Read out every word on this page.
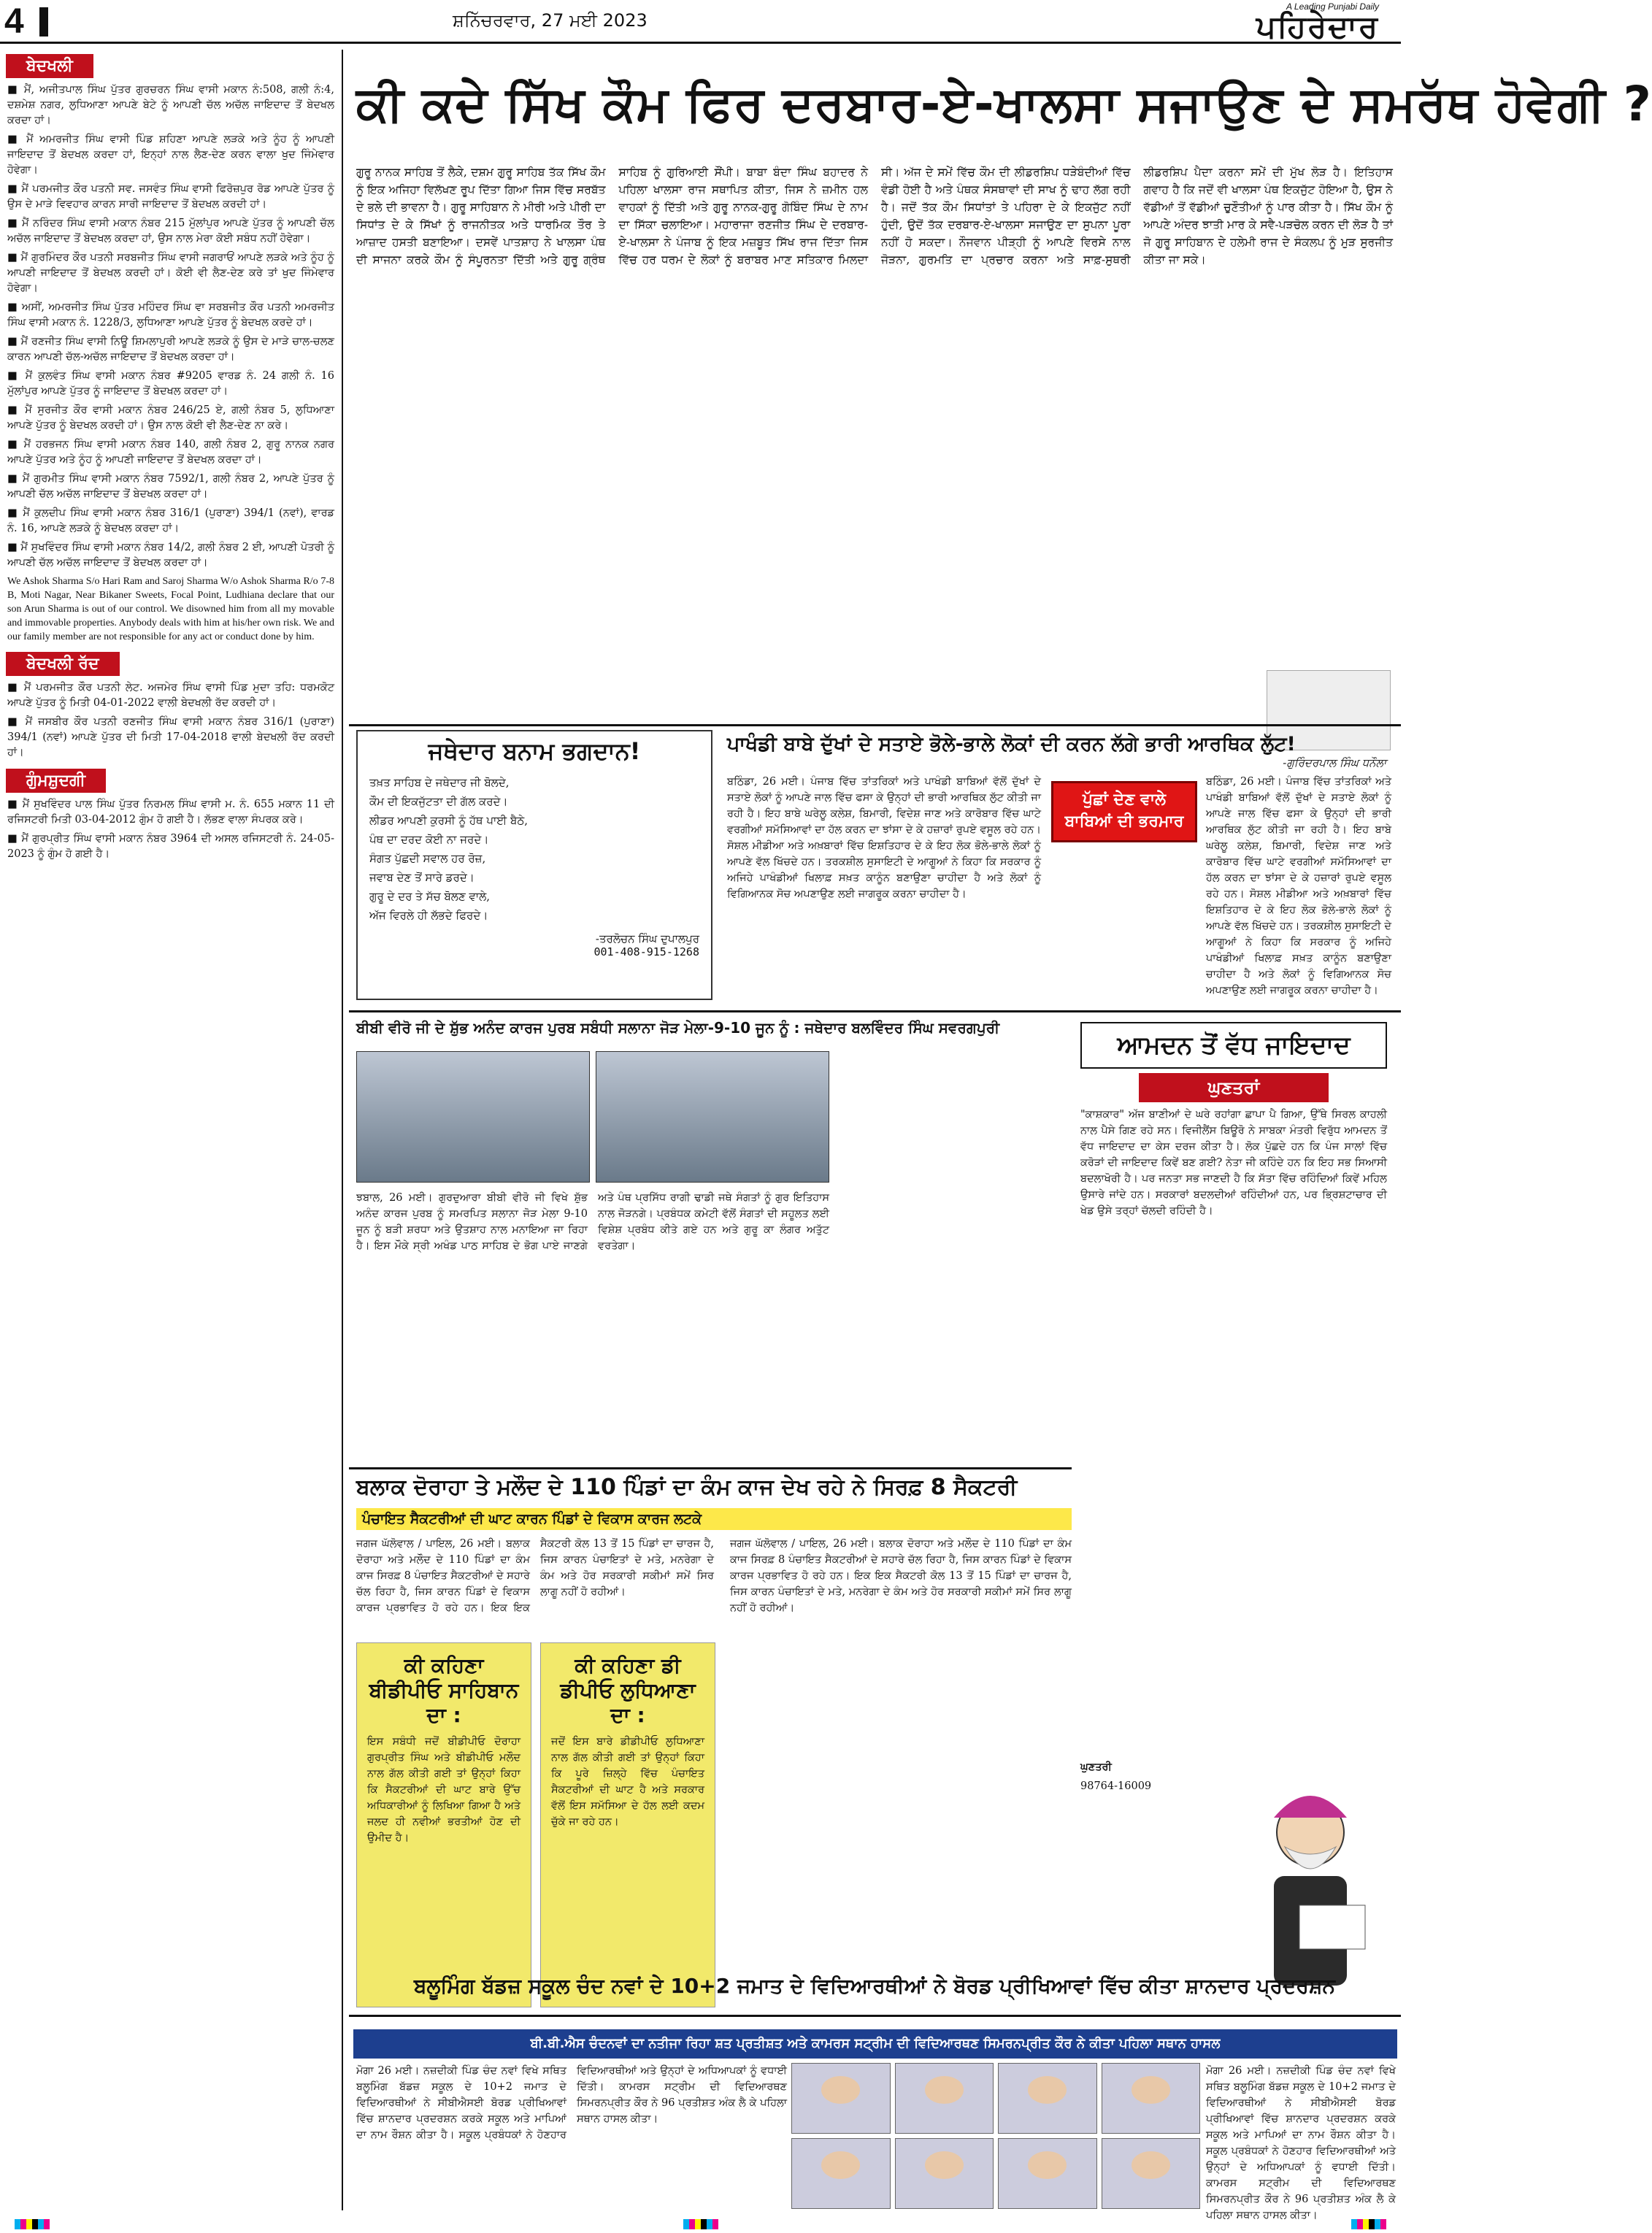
4	ਸ਼ਨਿੱਚਰਵਾਰ, 27 ਮਈ 2023
A Leading Punjabi Daily
ਪਹਿਰੇਦਾਰ
ਬੇਦਖਲੀ

■ ਮੈਂ, ਅਜੀਤਪਾਲ ਸਿੰਘ ਪੁੱਤਰ ਗੁਰਚਰਨ ਸਿੰਘ ਵਾਸੀ ਮਕਾਨ ਨੰ:508, ਗਲੀ ਨੰ:4, ਦਸ਼ਮੇਸ਼ ਨਗਰ, ਲੁਧਿਆਣਾ ਆਪਣੇ ਬੇਟੇ ਨੂੰ ਆਪਣੀ ਚੱਲ ਅਚੱਲ ਜਾਇਦਾਦ ਤੋਂ ਬੇਦਖਲ ਕਰਦਾ ਹਾਂ।

■ ਮੈਂ ਅਮਰਜੀਤ ਸਿੰਘ ਵਾਸੀ ਪਿੰਡ ਸ਼ਹਿਣਾ ਆਪਣੇ ਲੜਕੇ ਅਤੇ ਨੂੰਹ ਨੂੰ ਆਪਣੀ ਜਾਇਦਾਦ ਤੋਂ ਬੇਦਖਲ ਕਰਦਾ ਹਾਂ, ਇਨ੍ਹਾਂ ਨਾਲ ਲੈਣ-ਦੇਣ ਕਰਨ ਵਾਲਾ ਖੁਦ ਜਿੰਮੇਵਾਰ ਹੋਵੇਗਾ।

■ ਮੈਂ ਪਰਮਜੀਤ ਕੌਰ ਪਤਨੀ ਸਵ. ਜਸਵੰਤ ਸਿੰਘ ਵਾਸੀ ਫਿਰੋਜ਼ਪੁਰ ਰੋਡ ਆਪਣੇ ਪੁੱਤਰ ਨੂੰ ਉਸ ਦੇ ਮਾੜੇ ਵਿਵਹਾਰ ਕਾਰਨ ਸਾਰੀ ਜਾਇਦਾਦ ਤੋਂ ਬੇਦਖਲ ਕਰਦੀ ਹਾਂ।

■ ਮੈਂ ਨਰਿੰਦਰ ਸਿੰਘ ਵਾਸੀ ਮਕਾਨ ਨੰਬਰ 215 ਮੁੱਲਾਂਪੁਰ ਆਪਣੇ ਪੁੱਤਰ ਨੂੰ ਆਪਣੀ ਚੱਲ ਅਚੱਲ ਜਾਇਦਾਦ ਤੋਂ ਬੇਦਖਲ ਕਰਦਾ ਹਾਂ, ਉਸ ਨਾਲ ਮੇਰਾ ਕੋਈ ਸਬੰਧ ਨਹੀਂ ਹੋਵੇਗਾ।

■ ਮੈਂ ਗੁਰਮਿੰਦਰ ਕੌਰ ਪਤਨੀ ਸਰਬਜੀਤ ਸਿੰਘ ਵਾਸੀ ਜਗਰਾਓਂ ਆਪਣੇ ਲੜਕੇ ਅਤੇ ਨੂੰਹ ਨੂੰ ਆਪਣੀ ਜਾਇਦਾਦ ਤੋਂ ਬੇਦਖਲ ਕਰਦੀ ਹਾਂ। ਕੋਈ ਵੀ ਲੈਣ-ਦੇਣ ਕਰੇ ਤਾਂ ਖੁਦ ਜਿੰਮੇਵਾਰ ਹੋਵੇਗਾ।

■ ਅਸੀਂ, ਅਮਰਜੀਤ ਸਿੰਘ ਪੁੱਤਰ ਮਹਿੰਦਰ ਸਿੰਘ ਵਾ ਸਰਬਜੀਤ ਕੌਰ ਪਤਨੀ ਅਮਰਜੀਤ ਸਿੰਘ ਵਾਸੀ ਮਕਾਨ ਨੰ. 1228/3, ਲੁਧਿਆਣਾ ਆਪਣੇ ਪੁੱਤਰ ਨੂੰ ਬੇਦਖਲ ਕਰਦੇ ਹਾਂ।

■ ਮੈਂ ਰਣਜੀਤ ਸਿੰਘ ਵਾਸੀ ਨਿਊ ਸ਼ਿਮਲਾਪੁਰੀ ਆਪਣੇ ਲੜਕੇ ਨੂੰ ਉਸ ਦੇ ਮਾੜੇ ਚਾਲ-ਚਲਣ ਕਾਰਨ ਆਪਣੀ ਚੱਲ-ਅਚੱਲ ਜਾਇਦਾਦ ਤੋਂ ਬੇਦਖਲ ਕਰਦਾ ਹਾਂ।

■ ਮੈਂ ਕੁਲਵੰਤ ਸਿੰਘ ਵਾਸੀ ਮਕਾਨ ਨੰਬਰ #9205 ਵਾਰਡ ਨੰ. 24 ਗਲੀ ਨੰ. 16 ਮੁੱਲਾਂਪੁਰ ਆਪਣੇ ਪੁੱਤਰ ਨੂੰ ਜਾਇਦਾਦ ਤੋਂ ਬੇਦਖਲ ਕਰਦਾ ਹਾਂ।

■ ਮੈਂ ਸੁਰਜੀਤ ਕੌਰ ਵਾਸੀ ਮਕਾਨ ਨੰਬਰ 246/25 ਏ, ਗਲੀ ਨੰਬਰ 5, ਲੁਧਿਆਣਾ ਆਪਣੇ ਪੁੱਤਰ ਨੂੰ ਬੇਦਖਲ ਕਰਦੀ ਹਾਂ। ਉਸ ਨਾਲ ਕੋਈ ਵੀ ਲੈਣ-ਦੇਣ ਨਾ ਕਰੇ।

■ ਮੈਂ ਹਰਭਜਨ ਸਿੰਘ ਵਾਸੀ ਮਕਾਨ ਨੰਬਰ 140, ਗਲੀ ਨੰਬਰ 2, ਗੁਰੂ ਨਾਨਕ ਨਗਰ ਆਪਣੇ ਪੁੱਤਰ ਅਤੇ ਨੂੰਹ ਨੂੰ ਆਪਣੀ ਜਾਇਦਾਦ ਤੋਂ ਬੇਦਖਲ ਕਰਦਾ ਹਾਂ।

■ ਮੈਂ ਗੁਰਮੀਤ ਸਿੰਘ ਵਾਸੀ ਮਕਾਨ ਨੰਬਰ 7592/1, ਗਲੀ ਨੰਬਰ 2, ਆਪਣੇ ਪੁੱਤਰ ਨੂੰ ਆਪਣੀ ਚੱਲ ਅਚੱਲ ਜਾਇਦਾਦ ਤੋਂ ਬੇਦਖਲ ਕਰਦਾ ਹਾਂ।

■ ਮੈਂ ਕੁਲਦੀਪ ਸਿੰਘ ਵਾਸੀ ਮਕਾਨ ਨੰਬਰ 316/1 (ਪੁਰਾਣਾ) 394/1 (ਨਵਾਂ), ਵਾਰਡ ਨੰ. 16, ਆਪਣੇ ਲੜਕੇ ਨੂੰ ਬੇਦਖਲ ਕਰਦਾ ਹਾਂ।

■ ਮੈਂ ਸੁਖਵਿੰਦਰ ਸਿੰਘ ਵਾਸੀ ਮਕਾਨ ਨੰਬਰ 14/2, ਗਲੀ ਨੰਬਰ 2 ਈ, ਆਪਣੀ ਪੋਤਰੀ ਨੂੰ ਆਪਣੀ ਚੱਲ ਅਚੱਲ ਜਾਇਦਾਦ ਤੋਂ ਬੇਦਖਲ ਕਰਦਾ ਹਾਂ।

We Ashok Sharma S/o Hari Ram and Saroj Sharma W/o Ashok Sharma R/o 7-8 B, Moti Nagar, Near Bikaner Sweets, Focal Point, Ludhiana declare that our son Arun Sharma is out of our control. We disowned him from all my movable and immovable properties. Anybody deals with him at his/her own risk. We and our family member are not responsible for any act or conduct done by him.

ਬੇਦਖਲੀ ਰੱਦ

■ ਮੈਂ ਪਰਮਜੀਤ ਕੌਰ ਪਤਨੀ ਲੇਟ. ਅਜਮੇਰ ਸਿੰਘ ਵਾਸੀ ਪਿੰਡ ਮੁਦਾ ਤਹਿ: ਧਰਮਕੋਟ ਆਪਣੇ ਪੁੱਤਰ ਨੂੰ ਮਿਤੀ 04-01-2022 ਵਾਲੀ ਬੇਦਖਲੀ ਰੱਦ ਕਰਦੀ ਹਾਂ।

■ ਮੈਂ ਜਸਬੀਰ ਕੌਰ ਪਤਨੀ ਰਣਜੀਤ ਸਿੰਘ ਵਾਸੀ ਮਕਾਨ ਨੰਬਰ 316/1 (ਪੁਰਾਣਾ) 394/1 (ਨਵਾਂ) ਆਪਣੇ ਪੁੱਤਰ ਦੀ ਮਿਤੀ 17-04-2018 ਵਾਲੀ ਬੇਦਖਲੀ ਰੱਦ ਕਰਦੀ ਹਾਂ।

ਗੁੰਮਸ਼ੁਦਗੀ

■ ਮੈਂ ਸੁਖਵਿੰਦਰ ਪਾਲ ਸਿੰਘ ਪੁੱਤਰ ਨਿਰਮਲ ਸਿੰਘ ਵਾਸੀ ਮ. ਨੰ. 655 ਮਕਾਨ 11 ਦੀ ਰਜਿਸਟਰੀ ਮਿਤੀ 03-04-2012 ਗੁੰਮ ਹੋ ਗਈ ਹੈ। ਲੱਭਣ ਵਾਲਾ ਸੰਪਰਕ ਕਰੇ।

■ ਮੈਂ ਗੁਰਪ੍ਰੀਤ ਸਿੰਘ ਵਾਸੀ ਮਕਾਨ ਨੰਬਰ 3964 ਦੀ ਅਸਲ ਰਜਿਸਟਰੀ ਨੰ. 24-05-2023 ਨੂੰ ਗੁੰਮ ਹੋ ਗਈ ਹੈ।

ਕੀ ਕਦੇ ਸਿੱਖ ਕੌਮ ਫਿਰ ਦਰਬਾਰ-ਏ-ਖਾਲਸਾ ਸਜਾਉਣ ਦੇ ਸਮਰੱਥ ਹੋਵੇਗੀ ?
ਗੁਰੂ ਨਾਨਕ ਸਾਹਿਬ ਤੋਂ ਲੈਕੇ, ਦਸ਼ਮ ਗੁਰੂ ਸਾਹਿਬ ਤੱਕ ਸਿੱਖ ਕੌਮ ਨੂੰ ਇਕ ਅਜਿਹਾ ਵਿਲੱਖਣ ਰੂਪ ਦਿੱਤਾ ਗਿਆ ਜਿਸ ਵਿੱਚ ਸਰਬੱਤ ਦੇ ਭਲੇ ਦੀ ਭਾਵਨਾ ਹੈ। ਗੁਰੂ ਸਾਹਿਬਾਨ ਨੇ ਮੀਰੀ ਅਤੇ ਪੀਰੀ ਦਾ ਸਿਧਾਂਤ ਦੇ ਕੇ ਸਿੱਖਾਂ ਨੂੰ ਰਾਜਨੀਤਕ ਅਤੇ ਧਾਰਮਿਕ ਤੌਰ ਤੇ ਆਜ਼ਾਦ ਹਸਤੀ ਬਣਾਇਆ। ਦਸਵੇਂ ਪਾਤਸ਼ਾਹ ਨੇ ਖਾਲਸਾ ਪੰਥ ਦੀ ਸਾਜਨਾ ਕਰਕੇ ਕੌਮ ਨੂੰ ਸੰਪੂਰਨਤਾ ਦਿੱਤੀ ਅਤੇ ਗੁਰੂ ਗ੍ਰੰਥ ਸਾਹਿਬ ਨੂੰ ਗੁਰਿਆਈ ਸੌਂਪੀ। ਬਾਬਾ ਬੰਦਾ ਸਿੰਘ ਬਹਾਦਰ ਨੇ ਪਹਿਲਾ ਖਾਲਸਾ ਰਾਜ ਸਥਾਪਿਤ ਕੀਤਾ, ਜਿਸ ਨੇ ਜ਼ਮੀਨ ਹਲ ਵਾਹਕਾਂ ਨੂੰ ਦਿੱਤੀ ਅਤੇ ਗੁਰੂ ਨਾਨਕ-ਗੁਰੂ ਗੋਬਿੰਦ ਸਿੰਘ ਦੇ ਨਾਮ ਦਾ ਸਿੱਕਾ ਚਲਾਇਆ। ਮਹਾਰਾਜਾ ਰਣਜੀਤ ਸਿੰਘ ਦੇ ਦਰਬਾਰ-ਏ-ਖਾਲਸਾ ਨੇ ਪੰਜਾਬ ਨੂੰ ਇਕ ਮਜ਼ਬੂਤ ਸਿੱਖ ਰਾਜ ਦਿੱਤਾ ਜਿਸ ਵਿੱਚ ਹਰ ਧਰਮ ਦੇ ਲੋਕਾਂ ਨੂੰ ਬਰਾਬਰ ਮਾਣ ਸਤਿਕਾਰ ਮਿਲਦਾ ਸੀ। ਅੱਜ ਦੇ ਸਮੇਂ ਵਿੱਚ ਕੌਮ ਦੀ ਲੀਡਰਸ਼ਿਪ ਧੜੇਬੰਦੀਆਂ ਵਿੱਚ ਵੰਡੀ ਹੋਈ ਹੈ ਅਤੇ ਪੰਥਕ ਸੰਸਥਾਵਾਂ ਦੀ ਸਾਖ ਨੂੰ ਢਾਹ ਲੱਗ ਰਹੀ ਹੈ। ਜਦੋਂ ਤੱਕ ਕੌਮ ਸਿਧਾਂਤਾਂ ਤੇ ਪਹਿਰਾ ਦੇ ਕੇ ਇਕਜੁੱਟ ਨਹੀਂ ਹੁੰਦੀ, ਉਦੋਂ ਤੱਕ ਦਰਬਾਰ-ਏ-ਖਾਲਸਾ ਸਜਾਉਣ ਦਾ ਸੁਪਨਾ ਪੂਰਾ ਨਹੀਂ ਹੋ ਸਕਦਾ। ਨੌਜਵਾਨ ਪੀੜ੍ਹੀ ਨੂੰ ਆਪਣੇ ਵਿਰਸੇ ਨਾਲ ਜੋੜਨਾ, ਗੁਰਮਤਿ ਦਾ ਪ੍ਰਚਾਰ ਕਰਨਾ ਅਤੇ ਸਾਫ਼-ਸੁਥਰੀ ਲੀਡਰਸ਼ਿਪ ਪੈਦਾ ਕਰਨਾ ਸਮੇਂ ਦੀ ਮੁੱਖ ਲੋੜ ਹੈ। ਇਤਿਹਾਸ ਗਵਾਹ ਹੈ ਕਿ ਜਦੋਂ ਵੀ ਖਾਲਸਾ ਪੰਥ ਇਕਜੁੱਟ ਹੋਇਆ ਹੈ, ਉਸ ਨੇ ਵੱਡੀਆਂ ਤੋਂ ਵੱਡੀਆਂ ਚੁਣੌਤੀਆਂ ਨੂੰ ਪਾਰ ਕੀਤਾ ਹੈ। ਸਿੱਖ ਕੌਮ ਨੂੰ ਆਪਣੇ ਅੰਦਰ ਝਾਤੀ ਮਾਰ ਕੇ ਸਵੈ-ਪੜਚੋਲ ਕਰਨ ਦੀ ਲੋੜ ਹੈ ਤਾਂ ਜੋ ਗੁਰੂ ਸਾਹਿਬਾਨ ਦੇ ਹਲੇਮੀ ਰਾਜ ਦੇ ਸੰਕਲਪ ਨੂੰ ਮੁੜ ਸੁਰਜੀਤ ਕੀਤਾ ਜਾ ਸਕੇ।
-ਗੁਰਿੰਦਰਪਾਲ ਸਿੰਘ ਧਨੌਲਾ
ਜਥੇਦਾਰ ਬਨਾਮ ਭਗਦਾਨ!
ਤਖ਼ਤ ਸਾਹਿਬ ਦੇ ਜਥੇਦਾਰ ਜੀ ਬੋਲਦੇ,
ਕੌਮ ਦੀ ਇਕਜੁੱਟਤਾ ਦੀ ਗੱਲ ਕਰਦੇ।
ਲੀਡਰ ਆਪਣੀ ਕੁਰਸੀ ਨੂੰ ਹੱਥ ਪਾਈ ਬੈਠੇ,
ਪੰਥ ਦਾ ਦਰਦ ਕੋਈ ਨਾ ਜਰਦੇ।
ਸੰਗਤ ਪੁੱਛਦੀ ਸਵਾਲ ਹਰ ਰੋਜ਼,
ਜਵਾਬ ਦੇਣ ਤੋਂ ਸਾਰੇ ਡਰਦੇ।
ਗੁਰੂ ਦੇ ਦਰ ਤੇ ਸੱਚ ਬੋਲਣ ਵਾਲੇ,
ਅੱਜ ਵਿਰਲੇ ਹੀ ਲੱਭਦੇ ਫਿਰਦੇ।
-ਤਰਲੋਚਨ ਸਿੰਘ ਦੁਪਾਲਪੁਰ
001-408-915-1268
ਪਾਖੰਡੀ ਬਾਬੇ ਦੁੱਖਾਂ ਦੇ ਸਤਾਏ ਭੋਲੇ-ਭਾਲੇ ਲੋਕਾਂ ਦੀ ਕਰਨ ਲੱਗੇ ਭਾਰੀ ਆਰਥਿਕ ਲੁੱਟ!
ਪੁੱਛਾਂ ਦੇਣ ਵਾਲੇ ਬਾਬਿਆਂ ਦੀ ਭਰਮਾਰ
ਬਠਿੰਡਾ, 26 ਮਈ। ਪੰਜਾਬ ਵਿੱਚ ਤਾਂਤਰਿਕਾਂ ਅਤੇ ਪਾਖੰਡੀ ਬਾਬਿਆਂ ਵੱਲੋਂ ਦੁੱਖਾਂ ਦੇ ਸਤਾਏ ਲੋਕਾਂ ਨੂੰ ਆਪਣੇ ਜਾਲ ਵਿੱਚ ਫਸਾ ਕੇ ਉਨ੍ਹਾਂ ਦੀ ਭਾਰੀ ਆਰਥਿਕ ਲੁੱਟ ਕੀਤੀ ਜਾ ਰਹੀ ਹੈ। ਇਹ ਬਾਬੇ ਘਰੇਲੂ ਕਲੇਸ਼, ਬਿਮਾਰੀ, ਵਿਦੇਸ਼ ਜਾਣ ਅਤੇ ਕਾਰੋਬਾਰ ਵਿੱਚ ਘਾਟੇ ਵਰਗੀਆਂ ਸਮੱਸਿਆਵਾਂ ਦਾ ਹੱਲ ਕਰਨ ਦਾ ਝਾਂਸਾ ਦੇ ਕੇ ਹਜ਼ਾਰਾਂ ਰੁਪਏ ਵਸੂਲ ਰਹੇ ਹਨ। ਸੋਸ਼ਲ ਮੀਡੀਆ ਅਤੇ ਅਖ਼ਬਾਰਾਂ ਵਿੱਚ ਇਸ਼ਤਿਹਾਰ ਦੇ ਕੇ ਇਹ ਲੋਕ ਭੋਲੇ-ਭਾਲੇ ਲੋਕਾਂ ਨੂੰ ਆਪਣੇ ਵੱਲ ਖਿੱਚਦੇ ਹਨ। ਤਰਕਸ਼ੀਲ ਸੁਸਾਇਟੀ ਦੇ ਆਗੂਆਂ ਨੇ ਕਿਹਾ ਕਿ ਸਰਕਾਰ ਨੂੰ ਅਜਿਹੇ ਪਾਖੰਡੀਆਂ ਖਿਲਾਫ਼ ਸਖ਼ਤ ਕਾਨੂੰਨ ਬਣਾਉਣਾ ਚਾਹੀਦਾ ਹੈ ਅਤੇ ਲੋਕਾਂ ਨੂੰ ਵਿਗਿਆਨਕ ਸੋਚ ਅਪਣਾਉਣ ਲਈ ਜਾਗਰੂਕ ਕਰਨਾ ਚਾਹੀਦਾ ਹੈ।
ਬਠਿੰਡਾ, 26 ਮਈ। ਪੰਜਾਬ ਵਿੱਚ ਤਾਂਤਰਿਕਾਂ ਅਤੇ ਪਾਖੰਡੀ ਬਾਬਿਆਂ ਵੱਲੋਂ ਦੁੱਖਾਂ ਦੇ ਸਤਾਏ ਲੋਕਾਂ ਨੂੰ ਆਪਣੇ ਜਾਲ ਵਿੱਚ ਫਸਾ ਕੇ ਉਨ੍ਹਾਂ ਦੀ ਭਾਰੀ ਆਰਥਿਕ ਲੁੱਟ ਕੀਤੀ ਜਾ ਰਹੀ ਹੈ। ਇਹ ਬਾਬੇ ਘਰੇਲੂ ਕਲੇਸ਼, ਬਿਮਾਰੀ, ਵਿਦੇਸ਼ ਜਾਣ ਅਤੇ ਕਾਰੋਬਾਰ ਵਿੱਚ ਘਾਟੇ ਵਰਗੀਆਂ ਸਮੱਸਿਆਵਾਂ ਦਾ ਹੱਲ ਕਰਨ ਦਾ ਝਾਂਸਾ ਦੇ ਕੇ ਹਜ਼ਾਰਾਂ ਰੁਪਏ ਵਸੂਲ ਰਹੇ ਹਨ। ਸੋਸ਼ਲ ਮੀਡੀਆ ਅਤੇ ਅਖ਼ਬਾਰਾਂ ਵਿੱਚ ਇਸ਼ਤਿਹਾਰ ਦੇ ਕੇ ਇਹ ਲੋਕ ਭੋਲੇ-ਭਾਲੇ ਲੋਕਾਂ ਨੂੰ ਆਪਣੇ ਵੱਲ ਖਿੱਚਦੇ ਹਨ। ਤਰਕਸ਼ੀਲ ਸੁਸਾਇਟੀ ਦੇ ਆਗੂਆਂ ਨੇ ਕਿਹਾ ਕਿ ਸਰਕਾਰ ਨੂੰ ਅਜਿਹੇ ਪਾਖੰਡੀਆਂ ਖਿਲਾਫ਼ ਸਖ਼ਤ ਕਾਨੂੰਨ ਬਣਾਉਣਾ ਚਾਹੀਦਾ ਹੈ ਅਤੇ ਲੋਕਾਂ ਨੂੰ ਵਿਗਿਆਨਕ ਸੋਚ ਅਪਣਾਉਣ ਲਈ ਜਾਗਰੂਕ ਕਰਨਾ ਚਾਹੀਦਾ ਹੈ।
ਬੀਬੀ ਵੀਰੋ ਜੀ ਦੇ ਸ਼ੁੱਭ ਅਨੰਦ ਕਾਰਜ ਪੁਰਬ ਸਬੰਧੀ ਸਲਾਨਾ ਜੋੜ ਮੇਲਾ-9-10 ਜੂਨ ਨੂੰ : ਜਥੇਦਾਰ ਬਲਵਿੰਦਰ ਸਿੰਘ ਸਵਰਗਪੁਰੀ
ਝਬਾਲ, 26 ਮਈ। ਗੁਰਦੁਆਰਾ ਬੀਬੀ ਵੀਰੋ ਜੀ ਵਿਖੇ ਸ਼ੁੱਭ ਅਨੰਦ ਕਾਰਜ ਪੁਰਬ ਨੂੰ ਸਮਰਪਿਤ ਸਲਾਨਾ ਜੋੜ ਮੇਲਾ 9-10 ਜੂਨ ਨੂੰ ਬੜੀ ਸ਼ਰਧਾ ਅਤੇ ਉਤਸ਼ਾਹ ਨਾਲ ਮਨਾਇਆ ਜਾ ਰਿਹਾ ਹੈ। ਇਸ ਮੌਕੇ ਸ੍ਰੀ ਅਖੰਡ ਪਾਠ ਸਾਹਿਬ ਦੇ ਭੋਗ ਪਾਏ ਜਾਣਗੇ ਅਤੇ ਪੰਥ ਪ੍ਰਸਿੱਧ ਰਾਗੀ ਢਾਡੀ ਜਥੇ ਸੰਗਤਾਂ ਨੂੰ ਗੁਰ ਇਤਿਹਾਸ ਨਾਲ ਜੋੜਨਗੇ। ਪ੍ਰਬੰਧਕ ਕਮੇਟੀ ਵੱਲੋਂ ਸੰਗਤਾਂ ਦੀ ਸਹੂਲਤ ਲਈ ਵਿਸ਼ੇਸ਼ ਪ੍ਰਬੰਧ ਕੀਤੇ ਗਏ ਹਨ ਅਤੇ ਗੁਰੂ ਕਾ ਲੰਗਰ ਅਤੁੱਟ ਵਰਤੇਗਾ।
ਆਮਦਨ ਤੋਂ ਵੱਧ ਜਾਇਦਾਦ
ਘੁਣਤਰਾਂ
"ਕਾਸ਼ਕਾਰ" ਅੱਜ ਬਾਣੀਆਂ ਦੇ ਘਰੇ ਰਹਾਂਗਾ ਛਾਪਾ ਪੈ ਗਿਆ, ਉੱਥੇ ਸਿਰਲ ਕਾਹਲੀ ਨਾਲ ਪੈਸੇ ਗਿਣ ਰਹੇ ਸਨ। ਵਿਜੀਲੈਂਸ ਬਿਊਰੋ ਨੇ ਸਾਬਕਾ ਮੰਤਰੀ ਵਿਰੁੱਧ ਆਮਦਨ ਤੋਂ ਵੱਧ ਜਾਇਦਾਦ ਦਾ ਕੇਸ ਦਰਜ ਕੀਤਾ ਹੈ। ਲੋਕ ਪੁੱਛਦੇ ਹਨ ਕਿ ਪੰਜ ਸਾਲਾਂ ਵਿੱਚ ਕਰੋੜਾਂ ਦੀ ਜਾਇਦਾਦ ਕਿਵੇਂ ਬਣ ਗਈ? ਨੇਤਾ ਜੀ ਕਹਿੰਦੇ ਹਨ ਕਿ ਇਹ ਸਭ ਸਿਆਸੀ ਬਦਲਾਖੋਰੀ ਹੈ। ਪਰ ਜਨਤਾ ਸਭ ਜਾਣਦੀ ਹੈ ਕਿ ਸੱਤਾ ਵਿੱਚ ਰਹਿੰਦਿਆਂ ਕਿਵੇਂ ਮਹਿਲ ਉਸਾਰੇ ਜਾਂਦੇ ਹਨ। ਸਰਕਾਰਾਂ ਬਦਲਦੀਆਂ ਰਹਿੰਦੀਆਂ ਹਨ, ਪਰ ਭ੍ਰਿਸ਼ਟਾਚਾਰ ਦੀ ਖੇਡ ਉਸੇ ਤਰ੍ਹਾਂ ਚੱਲਦੀ ਰਹਿੰਦੀ ਹੈ।
ਘੁਣਤਰੀ
98764-16009
ਬਲਾਕ ਦੋਰਾਹਾ ਤੇ ਮਲੌਦ ਦੇ 110 ਪਿੰਡਾਂ ਦਾ ਕੰਮ ਕਾਜ ਦੇਖ ਰਹੇ ਨੇ ਸਿਰਫ਼ 8 ਸੈਕਟਰੀ
ਪੰਚਾਇਤ ਸੈਕਟਰੀਆਂ ਦੀ ਘਾਟ ਕਾਰਨ ਪਿੰਡਾਂ ਦੇ ਵਿਕਾਸ ਕਾਰਜ ਲਟਕੇ
ਜਗਜ ਘੱਲੋਵਾਲ / ਪਾਇਲ, 26 ਮਈ। ਬਲਾਕ ਦੋਰਾਹਾ ਅਤੇ ਮਲੌਦ ਦੇ 110 ਪਿੰਡਾਂ ਦਾ ਕੰਮ ਕਾਜ ਸਿਰਫ਼ 8 ਪੰਚਾਇਤ ਸੈਕਟਰੀਆਂ ਦੇ ਸਹਾਰੇ ਚੱਲ ਰਿਹਾ ਹੈ, ਜਿਸ ਕਾਰਨ ਪਿੰਡਾਂ ਦੇ ਵਿਕਾਸ ਕਾਰਜ ਪ੍ਰਭਾਵਿਤ ਹੋ ਰਹੇ ਹਨ। ਇਕ ਇਕ ਸੈਕਟਰੀ ਕੋਲ 13 ਤੋਂ 15 ਪਿੰਡਾਂ ਦਾ ਚਾਰਜ ਹੈ, ਜਿਸ ਕਾਰਨ ਪੰਚਾਇਤਾਂ ਦੇ ਮਤੇ, ਮਨਰੇਗਾ ਦੇ ਕੰਮ ਅਤੇ ਹੋਰ ਸਰਕਾਰੀ ਸਕੀਮਾਂ ਸਮੇਂ ਸਿਰ ਲਾਗੂ ਨਹੀਂ ਹੋ ਰਹੀਆਂ।
ਜਗਜ ਘੱਲੋਵਾਲ / ਪਾਇਲ, 26 ਮਈ। ਬਲਾਕ ਦੋਰਾਹਾ ਅਤੇ ਮਲੌਦ ਦੇ 110 ਪਿੰਡਾਂ ਦਾ ਕੰਮ ਕਾਜ ਸਿਰਫ਼ 8 ਪੰਚਾਇਤ ਸੈਕਟਰੀਆਂ ਦੇ ਸਹਾਰੇ ਚੱਲ ਰਿਹਾ ਹੈ, ਜਿਸ ਕਾਰਨ ਪਿੰਡਾਂ ਦੇ ਵਿਕਾਸ ਕਾਰਜ ਪ੍ਰਭਾਵਿਤ ਹੋ ਰਹੇ ਹਨ। ਇਕ ਇਕ ਸੈਕਟਰੀ ਕੋਲ 13 ਤੋਂ 15 ਪਿੰਡਾਂ ਦਾ ਚਾਰਜ ਹੈ, ਜਿਸ ਕਾਰਨ ਪੰਚਾਇਤਾਂ ਦੇ ਮਤੇ, ਮਨਰੇਗਾ ਦੇ ਕੰਮ ਅਤੇ ਹੋਰ ਸਰਕਾਰੀ ਸਕੀਮਾਂ ਸਮੇਂ ਸਿਰ ਲਾਗੂ ਨਹੀਂ ਹੋ ਰਹੀਆਂ।
ਕੀ ਕਹਿਣਾ ਬੀਡੀਪੀਓ ਸਾਹਿਬਾਨ ਦਾ :

ਇਸ ਸਬੰਧੀ ਜਦੋਂ ਬੀਡੀਪੀਓ ਦੋਰਾਹਾ ਗੁਰਪ੍ਰੀਤ ਸਿੰਘ ਅਤੇ ਬੀਡੀਪੀਓ ਮਲੌਦ ਨਾਲ ਗੱਲ ਕੀਤੀ ਗਈ ਤਾਂ ਉਨ੍ਹਾਂ ਕਿਹਾ ਕਿ ਸੈਕਟਰੀਆਂ ਦੀ ਘਾਟ ਬਾਰੇ ਉੱਚ ਅਧਿਕਾਰੀਆਂ ਨੂੰ ਲਿਖਿਆ ਗਿਆ ਹੈ ਅਤੇ ਜਲਦ ਹੀ ਨਵੀਆਂ ਭਰਤੀਆਂ ਹੋਣ ਦੀ ਉਮੀਦ ਹੈ।

ਕੀ ਕਹਿਣਾ ਡੀ ਡੀਪੀਓ ਲੁਧਿਆਣਾ ਦਾ :

ਜਦੋਂ ਇਸ ਬਾਰੇ ਡੀਡੀਪੀਓ ਲੁਧਿਆਣਾ ਨਾਲ ਗੱਲ ਕੀਤੀ ਗਈ ਤਾਂ ਉਨ੍ਹਾਂ ਕਿਹਾ ਕਿ ਪੂਰੇ ਜ਼ਿਲ੍ਹੇ ਵਿੱਚ ਪੰਚਾਇਤ ਸੈਕਟਰੀਆਂ ਦੀ ਘਾਟ ਹੈ ਅਤੇ ਸਰਕਾਰ ਵੱਲੋਂ ਇਸ ਸਮੱਸਿਆ ਦੇ ਹੱਲ ਲਈ ਕਦਮ ਚੁੱਕੇ ਜਾ ਰਹੇ ਹਨ।

ਬਲੂਮਿੰਗ ਬੱਡਜ਼ ਸਕੂਲ ਚੰਦ ਨਵਾਂ ਦੇ 10+2 ਜਮਾਤ ਦੇ ਵਿਦਿਆਰਥੀਆਂ ਨੇ ਬੋਰਡ ਪ੍ਰੀਖਿਆਵਾਂ ਵਿੱਚ ਕੀਤਾ ਸ਼ਾਨਦਾਰ ਪ੍ਰਦਰਸ਼ਨ
ਬੀ.ਬੀ.ਐਸ ਚੰਦਨਵਾਂ ਦਾ ਨਤੀਜਾ ਰਿਹਾ ਸ਼ਤ ਪ੍ਰਤੀਸ਼ਤ ਅਤੇ ਕਾਮਰਸ ਸਟ੍ਰੀਮ ਦੀ ਵਿਦਿਆਰਥਣ ਸਿਮਰਨਪ੍ਰੀਤ ਕੌਰ ਨੇ ਕੀਤਾ ਪਹਿਲਾ ਸਥਾਨ ਹਾਸਲ
ਮੋਗਾ 26 ਮਈ। ਨਜ਼ਦੀਕੀ ਪਿੰਡ ਚੰਦ ਨਵਾਂ ਵਿਖੇ ਸਥਿਤ ਬਲੂਮਿੰਗ ਬੱਡਜ਼ ਸਕੂਲ ਦੇ 10+2 ਜਮਾਤ ਦੇ ਵਿਦਿਆਰਥੀਆਂ ਨੇ ਸੀਬੀਐਸਈ ਬੋਰਡ ਪ੍ਰੀਖਿਆਵਾਂ ਵਿੱਚ ਸ਼ਾਨਦਾਰ ਪ੍ਰਦਰਸ਼ਨ ਕਰਕੇ ਸਕੂਲ ਅਤੇ ਮਾਪਿਆਂ ਦਾ ਨਾਮ ਰੌਸ਼ਨ ਕੀਤਾ ਹੈ। ਸਕੂਲ ਪ੍ਰਬੰਧਕਾਂ ਨੇ ਹੋਣਹਾਰ ਵਿਦਿਆਰਥੀਆਂ ਅਤੇ ਉਨ੍ਹਾਂ ਦੇ ਅਧਿਆਪਕਾਂ ਨੂੰ ਵਧਾਈ ਦਿੱਤੀ। ਕਾਮਰਸ ਸਟ੍ਰੀਮ ਦੀ ਵਿਦਿਆਰਥਣ ਸਿਮਰਨਪ੍ਰੀਤ ਕੌਰ ਨੇ 96 ਪ੍ਰਤੀਸ਼ਤ ਅੰਕ ਲੈ ਕੇ ਪਹਿਲਾ ਸਥਾਨ ਹਾਸਲ ਕੀਤਾ।
ਮੋਗਾ 26 ਮਈ। ਨਜ਼ਦੀਕੀ ਪਿੰਡ ਚੰਦ ਨਵਾਂ ਵਿਖੇ ਸਥਿਤ ਬਲੂਮਿੰਗ ਬੱਡਜ਼ ਸਕੂਲ ਦੇ 10+2 ਜਮਾਤ ਦੇ ਵਿਦਿਆਰਥੀਆਂ ਨੇ ਸੀਬੀਐਸਈ ਬੋਰਡ ਪ੍ਰੀਖਿਆਵਾਂ ਵਿੱਚ ਸ਼ਾਨਦਾਰ ਪ੍ਰਦਰਸ਼ਨ ਕਰਕੇ ਸਕੂਲ ਅਤੇ ਮਾਪਿਆਂ ਦਾ ਨਾਮ ਰੌਸ਼ਨ ਕੀਤਾ ਹੈ। ਸਕੂਲ ਪ੍ਰਬੰਧਕਾਂ ਨੇ ਹੋਣਹਾਰ ਵਿਦਿਆਰਥੀਆਂ ਅਤੇ ਉਨ੍ਹਾਂ ਦੇ ਅਧਿਆਪਕਾਂ ਨੂੰ ਵਧਾਈ ਦਿੱਤੀ। ਕਾਮਰਸ ਸਟ੍ਰੀਮ ਦੀ ਵਿਦਿਆਰਥਣ ਸਿਮਰਨਪ੍ਰੀਤ ਕੌਰ ਨੇ 96 ਪ੍ਰਤੀਸ਼ਤ ਅੰਕ ਲੈ ਕੇ ਪਹਿਲਾ ਸਥਾਨ ਹਾਸਲ ਕੀਤਾ।
